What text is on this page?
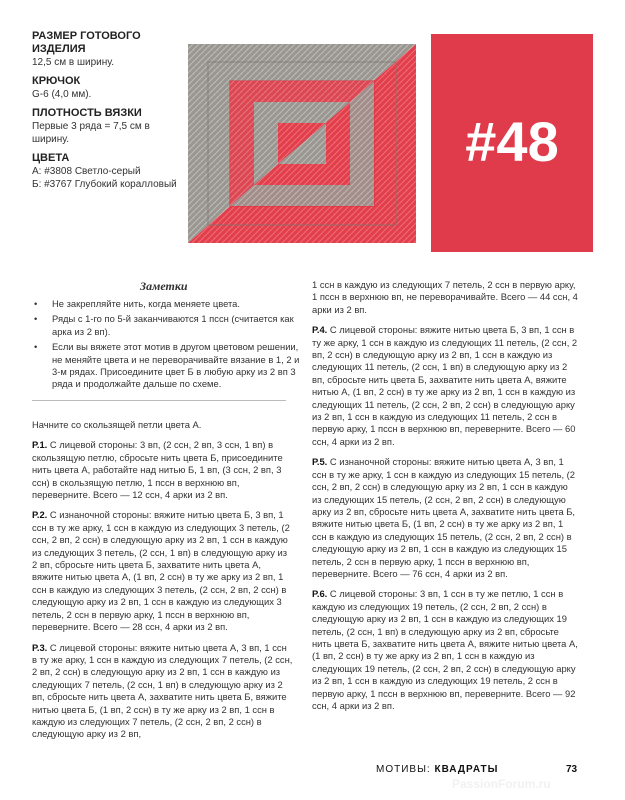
РАЗМЕР ГОТОВОГО ИЗДЕЛИЯ
12,5 см в ширину.
КРЮЧОК
G-6 (4,0 мм).
ПЛОТНОСТЬ ВЯЗКИ
Первые 3 ряда = 7,5 см в ширину.
ЦВЕТА
А: #3808 Светло-серый
Б: #3767 Глубокий коралловый
#48
Заметки
• Не закрепляйте нить, когда меняете цвета.
• Ряды с 1-го по 5-й заканчиваются 1 пссн (считается как арка из 2 вп).
• Если вы вяжете этот мотив в другом цветовом решении, не меняйте цвета и не переворачивайте вязание в 1, 2 и 3-м рядах. Присоедините цвет Б в любую арку из 2 вп 3 ряда и продолжайте дальше по схеме.

Начните со скользящей петли цвета А.

Р.1. С лицевой стороны: 3 вп, (2 ссн, 2 вп, 3 ссн, 1 вп) в скользящую петлю, сбросьте нить цвета Б, присоедините нить цвета А, работайте над нитью Б, 1 вп, (3 ссн, 2 вп, 3 ссн) в скользящую петлю, 1 пссн в верхнюю вп, переверните. Всего — 12 ссн, 4 арки из 2 вп.

Р.2. С изнаночной стороны: вяжите нитью цвета Б, 3 вп, 1 ссн в ту же арку, 1 ссн в каждую из следующих 3 петель, (2 ссн, 2 вп, 2 ссн) в следующую арку из 2 вп, 1 ссн в каждую из следующих 3 петель, (2 ссн, 1 вп) в следующую арку из 2 вп, сбросьте нить цвета Б, захватите нить цвета А, вяжите нитью цвета А, (1 вп, 2 ссн) в ту же арку из 2 вп, 1 ссн в каждую из следующих 3 петель, (2 ссн, 2 вп, 2 ссн) в следующую арку из 2 вп, 1 ссн в каждую из следующих 3 петель, 2 ссн в первую арку, 1 пссн в верхнюю вп, переверните. Всего — 28 ссн, 4 арки из 2 вп.

Р.3. С лицевой стороны: вяжите нитью цвета А, 3 вп, 1 ссн в ту же арку, 1 ссн в каждую из следующих 7 петель, (2 ссн, 2 вп, 2 ссн) в следующую арку из 2 вп, 1 ссн в каждую из следующих 7 петель, (2 ссн, 1 вп) в следующую арку из 2 вп, сбросьте нить цвета А, захватите нить цвета Б, вяжите нитью цвета Б, (1 вп, 2 ссн) в ту же арку из 2 вп, 1 ссн в каждую из следующих 7 петель, (2 ссн, 2 вп, 2 ссн) в следующую арку из 2 вп,

1 ссн в каждую из следующих 7 петель, 2 ссн в первую арку, 1 пссн в верхнюю вп, не переворачивайте. Всего — 44 ссн, 4 арки из 2 вп.

Р.4. С лицевой стороны: вяжите нитью цвета Б, 3 вп, 1 ссн в ту же арку, 1 ссн в каждую из следующих 11 петель, (2 ссн, 2 вп, 2 ссн) в следующую арку из 2 вп, 1 ссн в каждую из следующих 11 петель, (2 ссн, 1 вп) в следующую арку из 2 вп, сбросьте нить цвета Б, захватите нить цвета А, вяжите нитью А, (1 вп, 2 ссн) в ту же арку из 2 вп, 1 ссн в каждую из следующих 11 петель, (2 ссн, 2 вп, 2 ссн) в следующую арку из 2 вп, 1 ссн в каждую из следующих 11 петель, 2 ссн в первую арку, 1 пссн в верхнюю вп, переверните. Всего — 60 ссн, 4 арки из 2 вп.

Р.5. С изнаночной стороны: вяжите нитью цвета А, 3 вп, 1 ссн в ту же арку, 1 ссн в каждую из следующих 15 петель, (2 ссн, 2 вп, 2 ссн) в следующую арку из 2 вп, 1 ссн в каждую из следующих 15 петель, (2 ссн, 2 вп, 2 ссн) в следующую арку из 2 вп, сбросьте нить цвета А, захватите нить цвета Б, вяжите нитью цвета Б, (1 вп, 2 ссн) в ту же арку из 2 вп, 1 ссн в каждую из следующих 15 петель, (2 ссн, 2 вп, 2 ссн) в следующую арку из 2 вп, 1 ссн в каждую из следующих 15 петель, 2 ссн в первую арку, 1 пссн в верхнюю вп, переверните. Всего — 76 ссн, 4 арки из 2 вп.

Р.6. С лицевой стороны: 3 вп, 1 ссн в ту же петлю, 1 ссн в каждую из следующих 19 петель, (2 ссн, 2 вп, 2 ссн) в следующую арку из 2 вп, 1 ссн в каждую из следующих 19 петель, (2 ссн, 1 вп) в следующую арку из 2 вп, сбросьте нить цвета Б, захватите нить цвета А, вяжите нитью цвета А, (1 вп, 2 ссн) в ту же арку из 2 вп, 1 ссн в каждую из следующих 19 петель, (2 ссн, 2 вп, 2 ссн) в следующую арку из 2 вп, 1 ссн в каждую из следующих 19 петель, 2 ссн в первую арку, 1 пссн в верхнюю вп, переверните. Всего — 92 ссн, 4 арки из 2 вп.

МОТИВЫ: КВАДРАТЫ	73
PassionForum.ru
